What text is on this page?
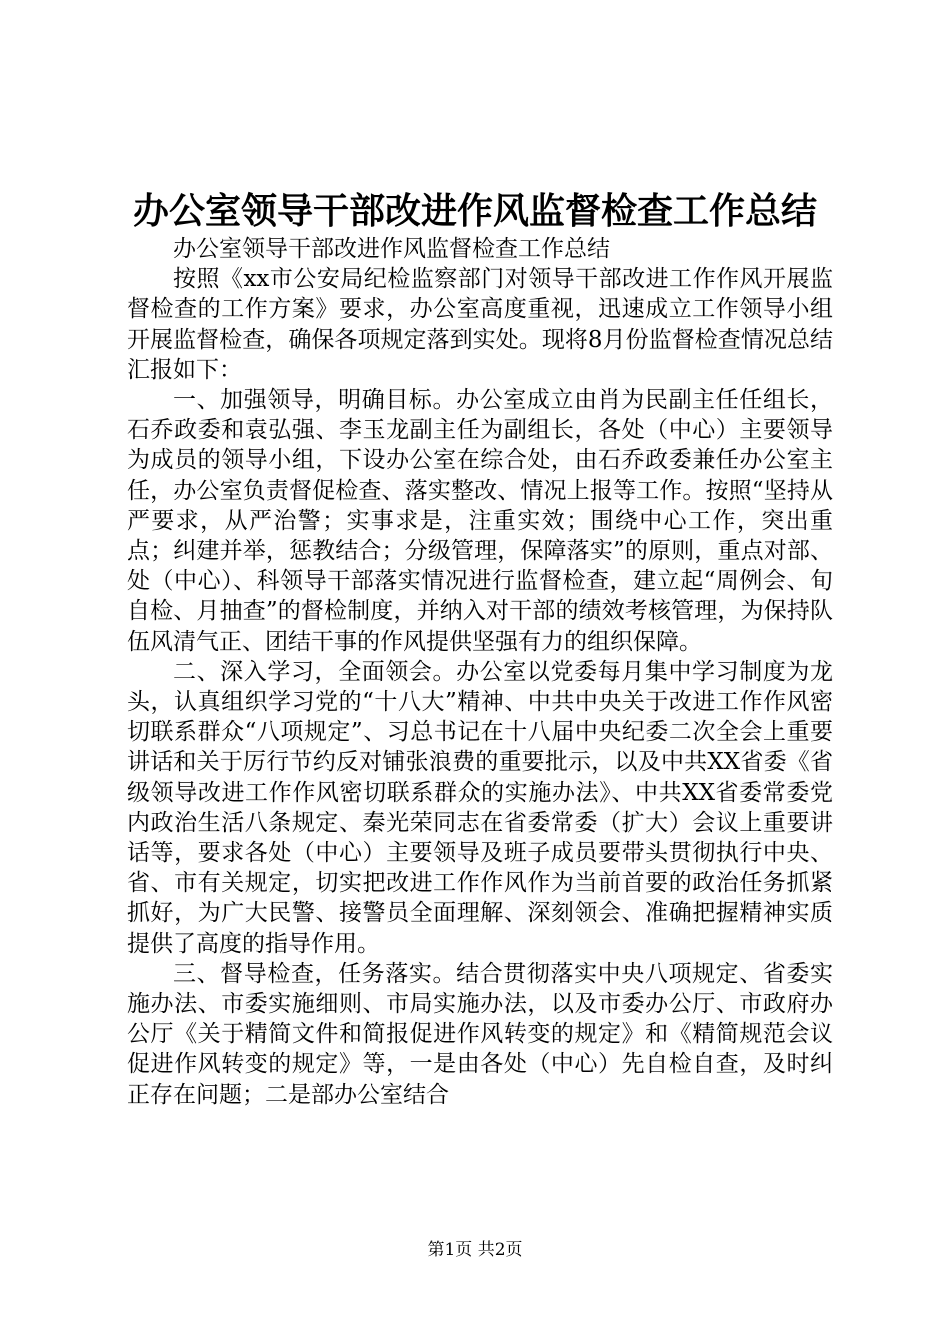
办公室领导干部改进作风监督检查工作总结

办公室领导干部改进作风监督检查工作总结

按照《xx市公安局纪检监察部门对领导干部改进工作作风开展监督检查的工作方案》要求，办公室高度重视，迅速成立工作领导小组开展监督检查，确保各项规定落到实处。现将8月份监督检查情况总结汇报如下：

一、加强领导，明确目标。办公室成立由肖为民副主任任组长，石乔政委和袁弘强、李玉龙副主任为副组长，各处（中心）主要领导为成员的领导小组，下设办公室在综合处，由石乔政委兼任办公室主任，办公室负责督促检查、落实整改、情况上报等工作。按照“坚持从严要求，从严治警；实事求是，注重实效；围绕中心工作，突出重点；纠建并举，惩教结合；分级管理，保障落实”的原则，重点对部、处（中心）、科领导干部落实情况进行监督检查，建立起“周例会、旬自检、月抽查”的督检制度，并纳入对干部的绩效考核管理，为保持队伍风清气正、团结干事的作风提供坚强有力的组织保障。

二、深入学习，全面领会。办公室以党委每月集中学习制度为龙头，认真组织学习党的“十八大”精神、中共中央关于改进工作作风密切联系群众“八项规定”、习总书记在十八届中央纪委二次全会上重要讲话和关于厉行节约反对铺张浪费的重要批示，以及中共XX省委《省级领导改进工作作风密切联系群众的实施办法》、中共XX省委常委党内政治生活八条规定、秦光荣同志在省委常委（扩大）会议上重要讲话等，要求各处（中心）主要领导及班子成员要带头贯彻执行中央、省、市有关规定，切实把改进工作作风作为当前首要的政治任务抓紧抓好，为广大民警、接警员全面理解、深刻领会、准确把握精神实质提供了高度的指导作用。

三、督导检查，任务落实。结合贯彻落实中央八项规定、省委实施办法、市委实施细则、市局实施办法，以及市委办公厅、市政府办公厅《关于精简文件和简报促进作风转变的规定》和《精简规范会议促进作风转变的规定》等，一是由各处（中心）先自检自查，及时纠正存在问题；二是部办公室结合

第1页 共2页
